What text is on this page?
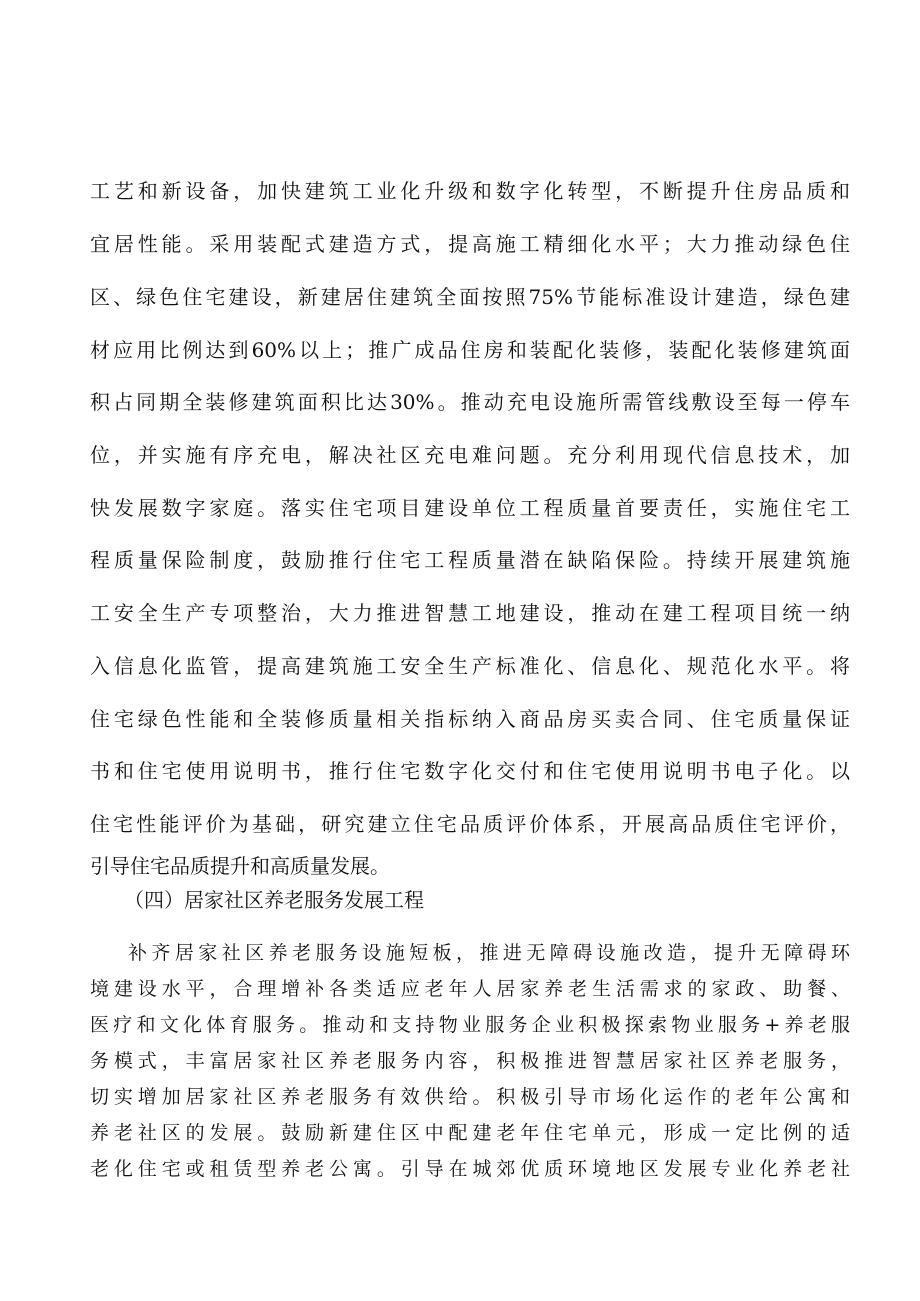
工艺和新设备，加快建筑工业化升级和数字化转型，不断提升住房品质和

宜居性能。采用装配式建造方式，提高施工精细化水平；大力推动绿色住

区、绿色住宅建设，新建居住建筑全面按照75%节能标准设计建造，绿色建

材应用比例达到60%以上；推广成品住房和装配化装修，装配化装修建筑面

积占同期全装修建筑面积比达30%。推动充电设施所需管线敷设至每一停车

位，并实施有序充电，解决社区充电难问题。充分利用现代信息技术，加

快发展数字家庭。落实住宅项目建设单位工程质量首要责任，实施住宅工

程质量保险制度，鼓励推行住宅工程质量潜在缺陷保险。持续开展建筑施

工安全生产专项整治，大力推进智慧工地建设，推动在建工程项目统一纳

入信息化监管，提高建筑施工安全生产标准化、信息化、规范化水平。将

住宅绿色性能和全装修质量相关指标纳入商品房买卖合同、住宅质量保证

书和住宅使用说明书，推行住宅数字化交付和住宅使用说明书电子化。以

住宅性能评价为基础，研究建立住宅品质评价体系，开展高品质住宅评价，

引导住宅品质提升和高质量发展。

（四）居家社区养老服务发展工程

补齐居家社区养老服务设施短板，推进无障碍设施改造，提升无障碍环

境建设水平，合理增补各类适应老年人居家养老生活需求的家政、助餐、

医疗和文化体育服务。推动和支持物业服务企业积极探索物业服务+养老服

务模式，丰富居家社区养老服务内容，积极推进智慧居家社区养老服务，

切实增加居家社区养老服务有效供给。积极引导市场化运作的老年公寓和

养老社区的发展。鼓励新建住区中配建老年住宅单元，形成一定比例的适

老化住宅或租赁型养老公寓。引导在城郊优质环境地区发展专业化养老社
